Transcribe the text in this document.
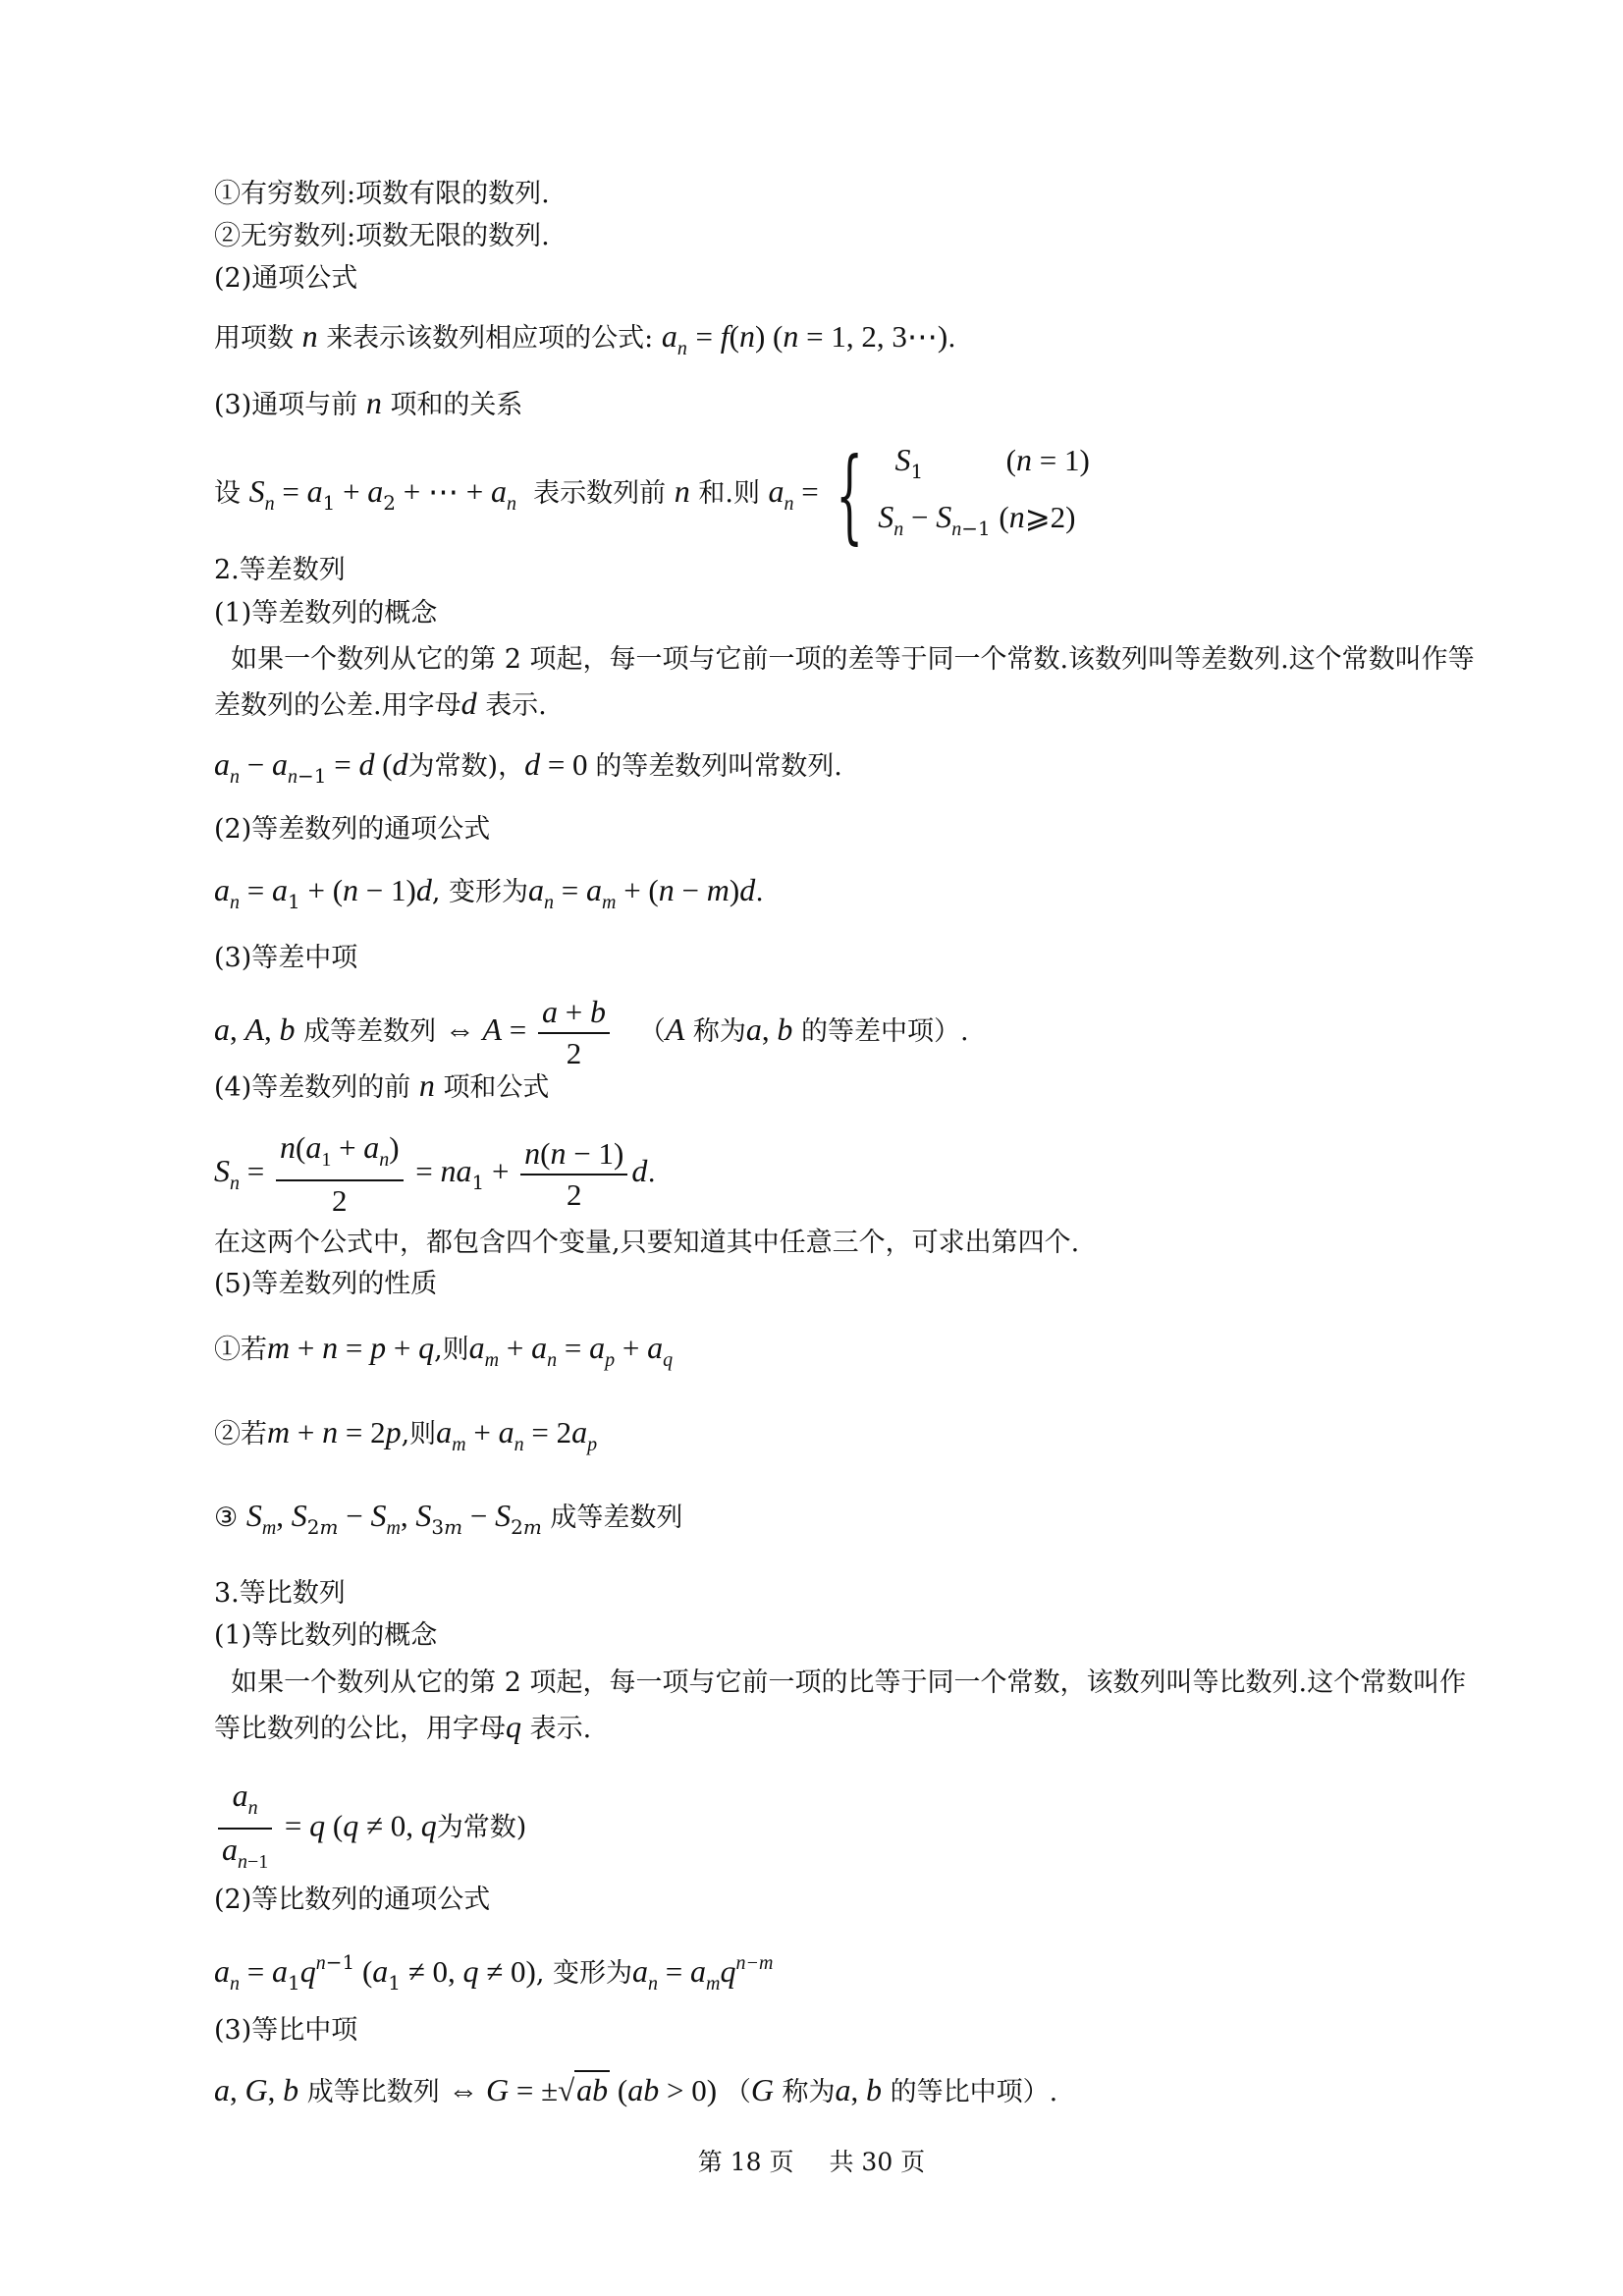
①有穷数列:项数有限的数列.
②无穷数列:项数无限的数列.
(2)通项公式
用项数 n 来表示该数列相应项的公式: $a_n = f(n) (n = 1$, 2, 3⋯).
(3)通项与前 n 项和的关系
设 $S_n = a_1 + a_2$ + ⋯ + $a_n$ 表示数列前 n 和.则 $a_n$ = {	$S_1$	(n = 1)
$S_n - S_{n-1}$ (n⩾2)
2.等差数列
(1)等差数列的概念
如果一个数列从它的第 2 项起，每一项与它前一项的差等于同一个常数.该数列叫等差数列.这个常数叫作等差数列的公差.用字母d 表示.
$a_n - a_{n-1} = d$ (d为常数)，d = 0 的等差数列叫常数列.
(2)等差数列的通项公式
$a_n = a_1 + (n - 1)d$, 变形为$a_n = a_m + (n - m)d$.
(3)等差中项
a, A, b 成等差数列 ⇔ $A = \frac{a + b}{2} (A$ 称为a, b 的等差中项）.
(4)等差数列的前 n 项和公式
$S_n = \frac{n(a_1 + a_n)}{2} = na_1 + \frac{n(n - 1)}{2} d$.
在这两个公式中，都包含四个变量,只要知道其中任意三个，可求出第四个.
(5)等差数列的性质
①若m + n = p + q,则$a_m + a_n = a_p + a_q$
②若m + n = 2p,则$a_m + a_n = 2a_p$
③ $S_m$, $S_{2m} - S_m$, $S_{3m} - S_{2m}$ 成等差数列
3.等比数列
(1)等比数列的概念
如果一个数列从它的第 2 项起，每一项与它前一项的比等于同一个常数，该数列叫等比数列.这个常数叫作等比数列的公比，用字母q 表示.
$\frac{a_n}{a_{n-1}} = q$ (q ≠ 0, q为常数)
(2)等比数列的通项公式
$a_n = a_1q^{n-1}$ ($a_1 \ne 0$, q ≠ 0), 变形为$a_n = a_mq^{n-m}$
(3)等比中项
a, G, b 成等比数列 ⇔ G = ±√ab (ab > 0) （G 称为a, b 的等比中项）.
第 18 页 共 30 页
